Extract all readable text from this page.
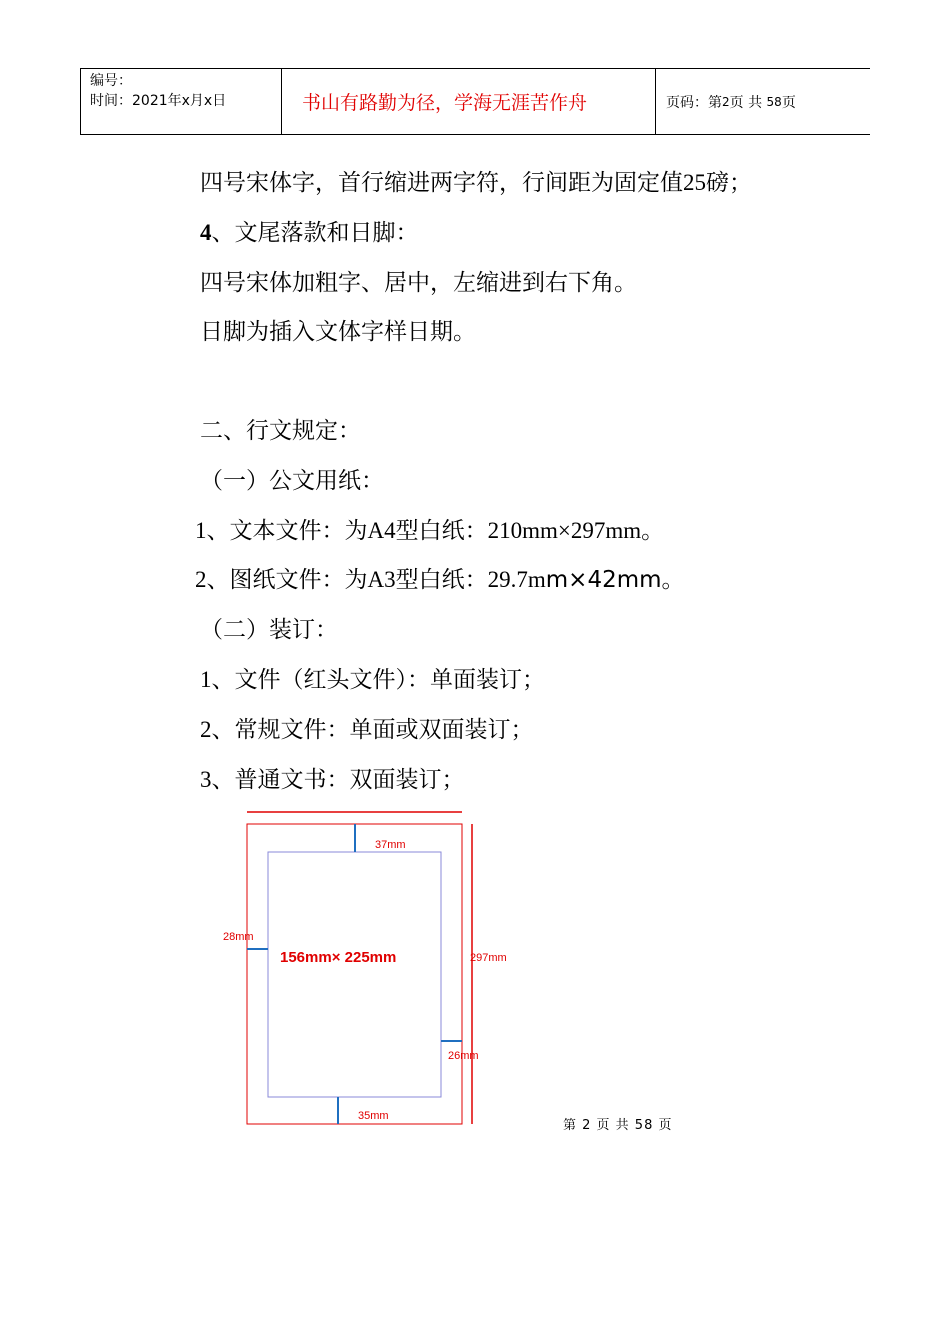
编号：
时间：2021年x月x日	书山有路勤为径，学海无涯苦作舟	页码：第 2 页 共
58 页
四号宋体字，首行缩进两字符，行间距为固定值25磅；
4、文尾落款和日脚：
四号宋体加粗字、居中，左缩进到右下角。
日脚为插入文体字样日期。
二、行文规定：
（一）公文用纸：
1、文本文件：为A4型白纸：210mm×297mm。
2、图纸文件：为A3型白纸：29.7mm×42mm。
（二）装订：
1、文件（红头文件）：单面装订；
2、常规文件：单面或双面装订；
3、普通文书：双面装订；
37mm
28mm
297mm
26mm
35mm
156mm× 225mm
第 2 页 共 58 页
